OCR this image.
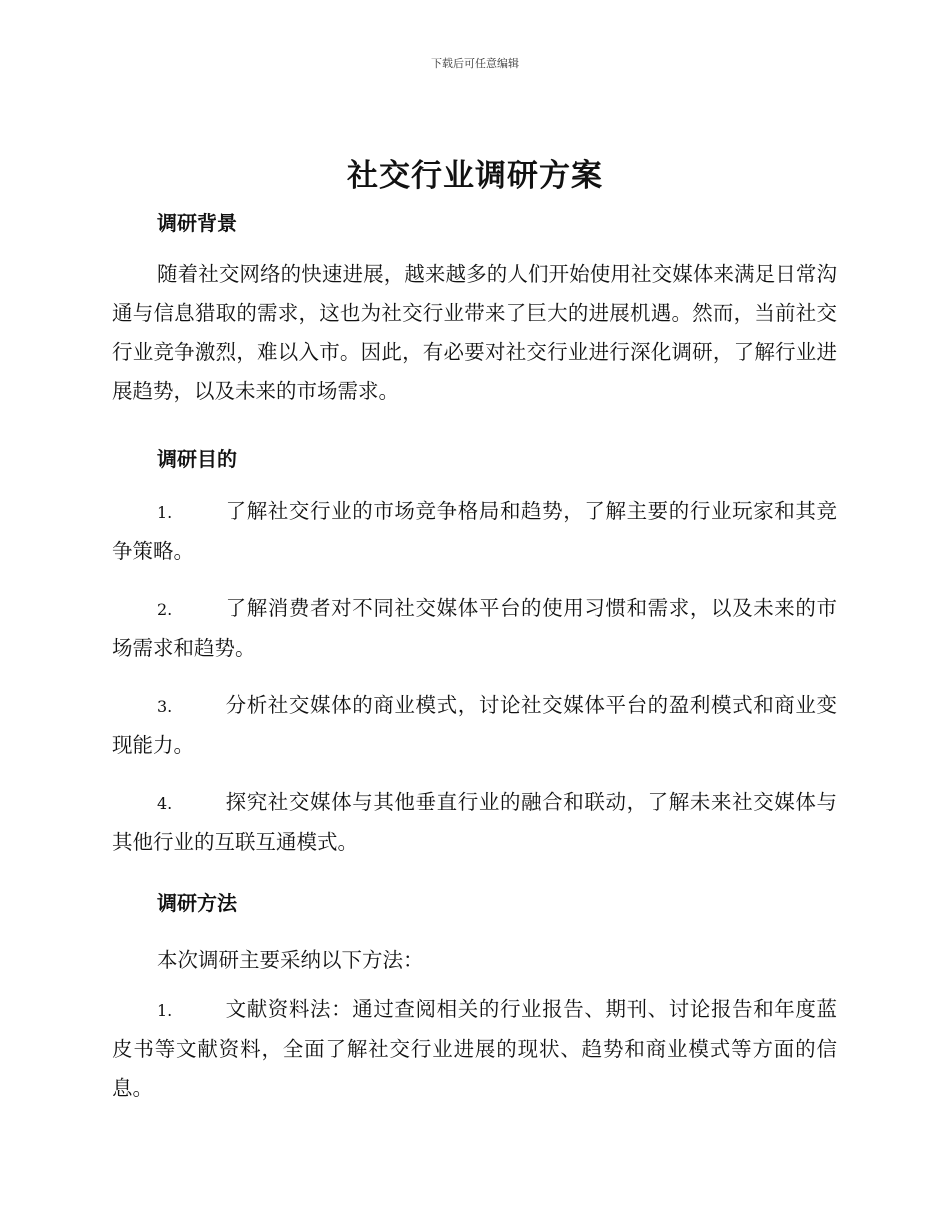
下载后可任意编辑
社交行业调研方案
调研背景
随着社交网络的快速进展，越来越多的人们开始使用社交媒体来满足日常沟通与信息猎取的需求，这也为社交行业带来了巨大的进展机遇。然而，当前社交行业竞争激烈，难以入市。因此，有必要对社交行业进行深化调研，了解行业进展趋势，以及未来的市场需求。
调研目的
1.	了解社交行业的市场竞争格局和趋势，了解主要的行业玩家和其竞争策略。
2.	了解消费者对不同社交媒体平台的使用习惯和需求，以及未来的市场需求和趋势。
3.	分析社交媒体的商业模式，讨论社交媒体平台的盈利模式和商业变现能力。
4.	探究社交媒体与其他垂直行业的融合和联动，了解未来社交媒体与其他行业的互联互通模式。
调研方法
本次调研主要采纳以下方法：
1.	文献资料法：通过查阅相关的行业报告、期刊、讨论报告和年度蓝皮书等文献资料，全面了解社交行业进展的现状、趋势和商业模式等方面的信息。
